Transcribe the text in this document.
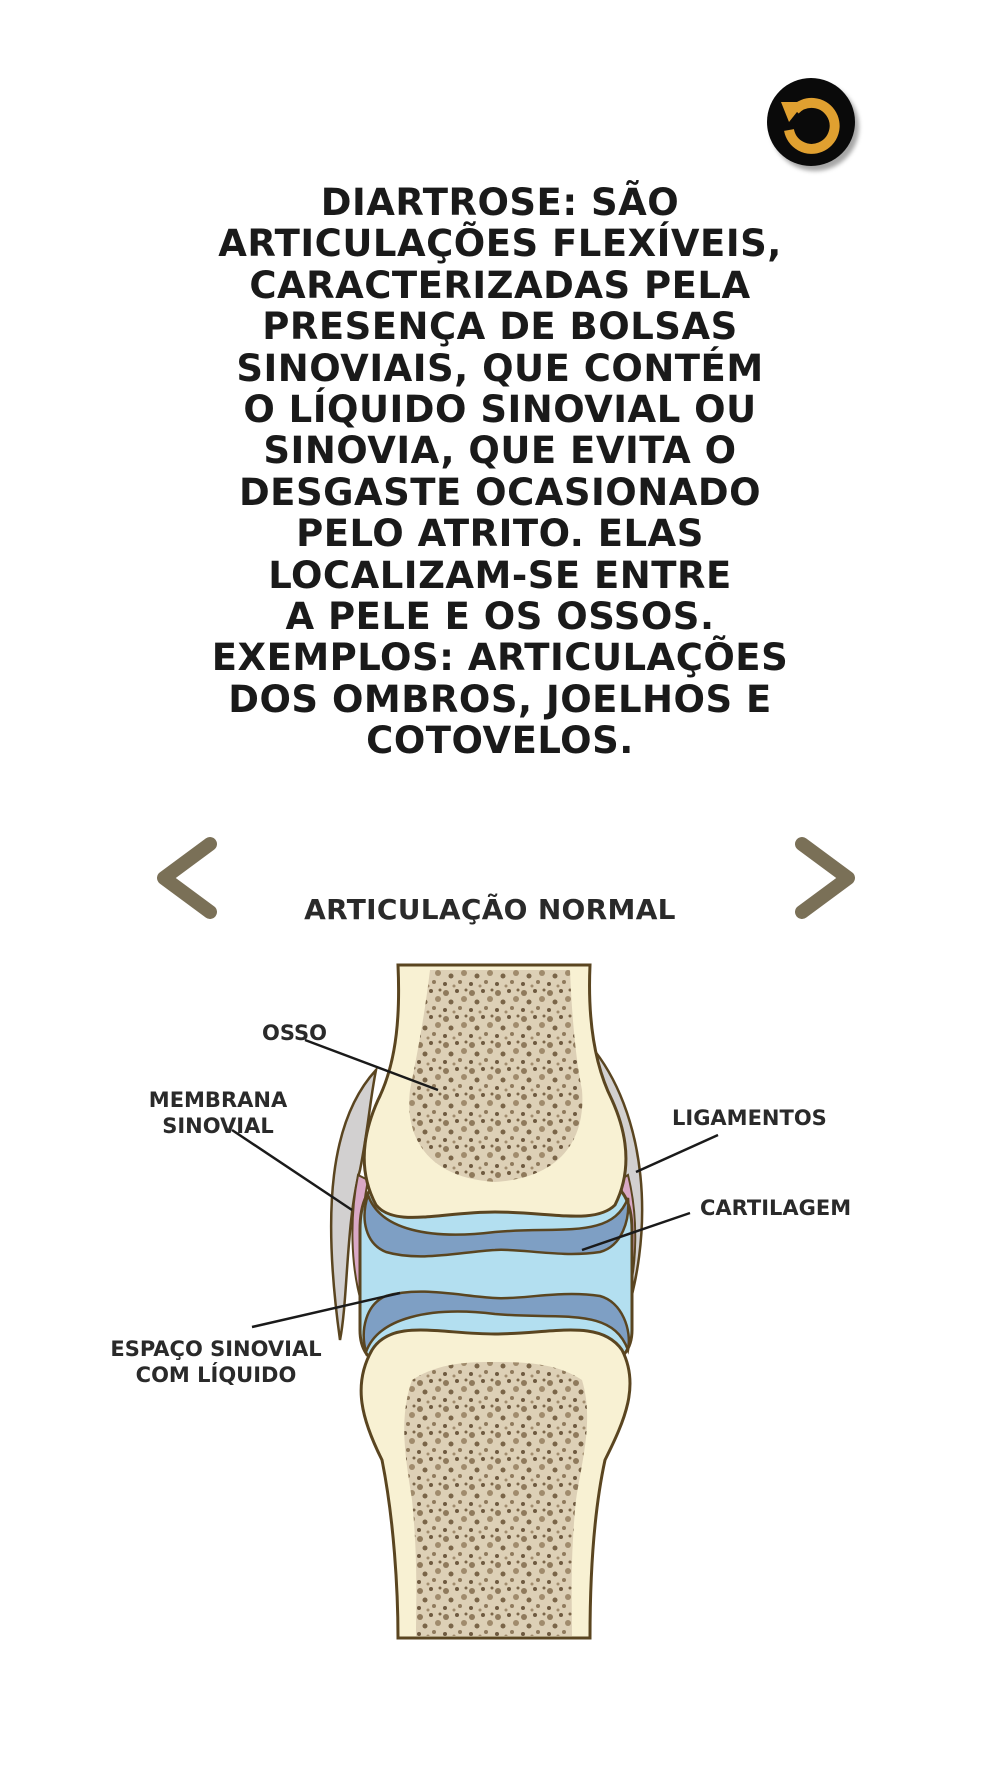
DIARTROSE: SÃO
ARTICULAÇÕES FLEXÍVEIS,
CARACTERIZADAS PELA
PRESENÇA DE BOLSAS
SINOVIAIS, QUE CONTÉM
O LÍQUIDO SINOVIAL OU
SINOVIA, QUE EVITA O
DESGASTE OCASIONADO
PELO ATRITO. ELAS
LOCALIZAM-SE ENTRE
A PELE E OS OSSOS.
EXEMPLOS: ARTICULAÇÕES
DOS OMBROS, JOELHOS E
COTOVELOS.
ARTICULAÇÃO NORMAL
OSSO
MEMBRANA
SINOVIAL	LIGAMENTOS
CARTILAGEM
ESPAÇO SINOVIAL
COM LÍQUIDO
